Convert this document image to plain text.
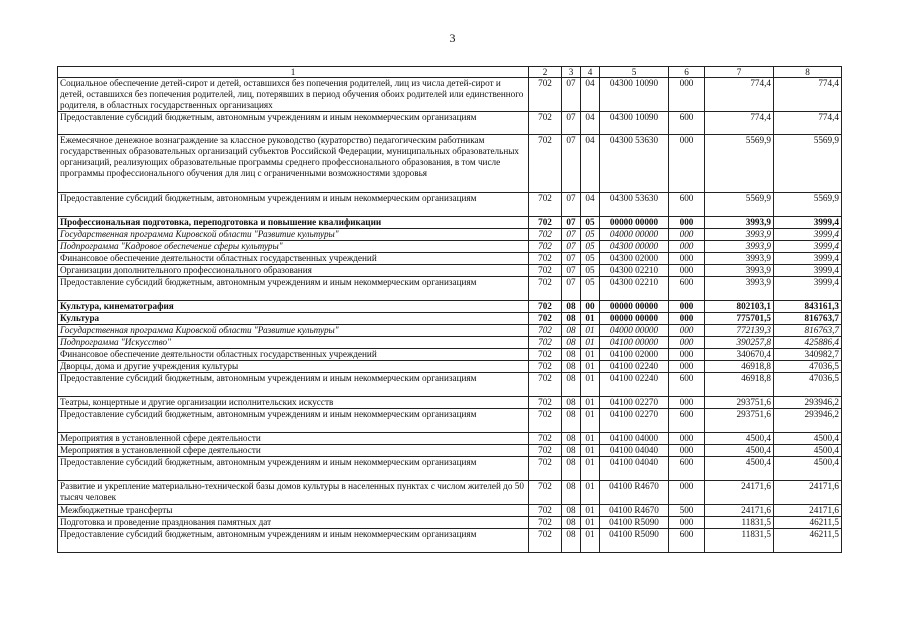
3
1	2	3	4	5	6	7	8
Социальное обеспечение детей-сирот и детей, оставшихся без попечения родителей, лиц из числа детей-сирот и детей, оставшихся без попечения родителей, лиц, потерявших в период обучения обоих родителей или единственного родителя, в областных государственных организациях	702	07	04	04300 10090	000	774,4	774,4
Предоставление субсидий бюджетным, автономным учреждениям и иным некоммерческим организациям	702	07	04	04300 10090	600	774,4	774,4
Ежемесячное денежное вознаграждение за классное руководство (кураторство) педагогическим работникам государственных образовательных организаций субъектов Российской Федерации, муниципальных образовательных организаций, реализующих образовательные программы среднего профессионального образования, в том числе программы профессионального обучения для лиц с ограниченными возможностями здоровья	702	07	04	04300 53630	000	5569,9	5569,9
Предоставление субсидий бюджетным, автономным учреждениям и иным некоммерческим организациям	702	07	04	04300 53630	600	5569,9	5569,9
Профессиональная подготовка, переподготовка и повышение квалификации	702	07	05	00000 00000	000	3993,9	3999,4
Государственная программа Кировской области "Развитие культуры"	702	07	05	04000 00000	000	3993,9	3999,4
Подпрограмма "Кадровое обеспечение сферы культуры"	702	07	05	04300 00000	000	3993,9	3999,4
Финансовое обеспечение деятельности областных государственных учреждений	702	07	05	04300 02000	000	3993,9	3999,4
Организации дополнительного профессионального образования	702	07	05	04300 02210	000	3993,9	3999,4
Предоставление субсидий бюджетным, автономным учреждениям и иным некоммерческим организациям	702	07	05	04300 02210	600	3993,9	3999,4
Культура, кинематография	702	08	00	00000 00000	000	802103,1	843161,3
Культура	702	08	01	00000 00000	000	775701,5	816763,7
Государственная программа Кировской области "Развитие культуры"	702	08	01	04000 00000	000	772139,3	816763,7
Подпрограмма "Искусство"	702	08	01	04100 00000	000	390257,8	425886,4
Финансовое обеспечение деятельности областных государственных учреждений	702	08	01	04100 02000	000	340670,4	340982,7
Дворцы, дома и другие учреждения культуры	702	08	01	04100 02240	000	46918,8	47036,5
Предоставление субсидий бюджетным, автономным учреждениям и иным некоммерческим организациям	702	08	01	04100 02240	600	46918,8	47036,5
Театры, концертные и другие организации исполнительских искусств	702	08	01	04100 02270	000	293751,6	293946,2
Предоставление субсидий бюджетным, автономным учреждениям и иным некоммерческим организациям	702	08	01	04100 02270	600	293751,6	293946,2
Мероприятия в установленной сфере деятельности	702	08	01	04100 04000	000	4500,4	4500,4
Мероприятия в установленной сфере деятельности	702	08	01	04100 04040	000	4500,4	4500,4
Предоставление субсидий бюджетным, автономным учреждениям и иным некоммерческим организациям	702	08	01	04100 04040	600	4500,4	4500,4
Развитие и укрепление материально-технической базы домов культуры в населенных пунктах с числом жителей до 50 тысяч человек	702	08	01	04100 R4670	000	24171,6	24171,6
Межбюджетные трансферты	702	08	01	04100 R4670	500	24171,6	24171,6
Подготовка и проведение празднования памятных дат	702	08	01	04100 R5090	000	11831,5	46211,5
Предоставление субсидий бюджетным, автономным учреждениям и иным некоммерческим организациям	702	08	01	04100 R5090	600	11831,5	46211,5
